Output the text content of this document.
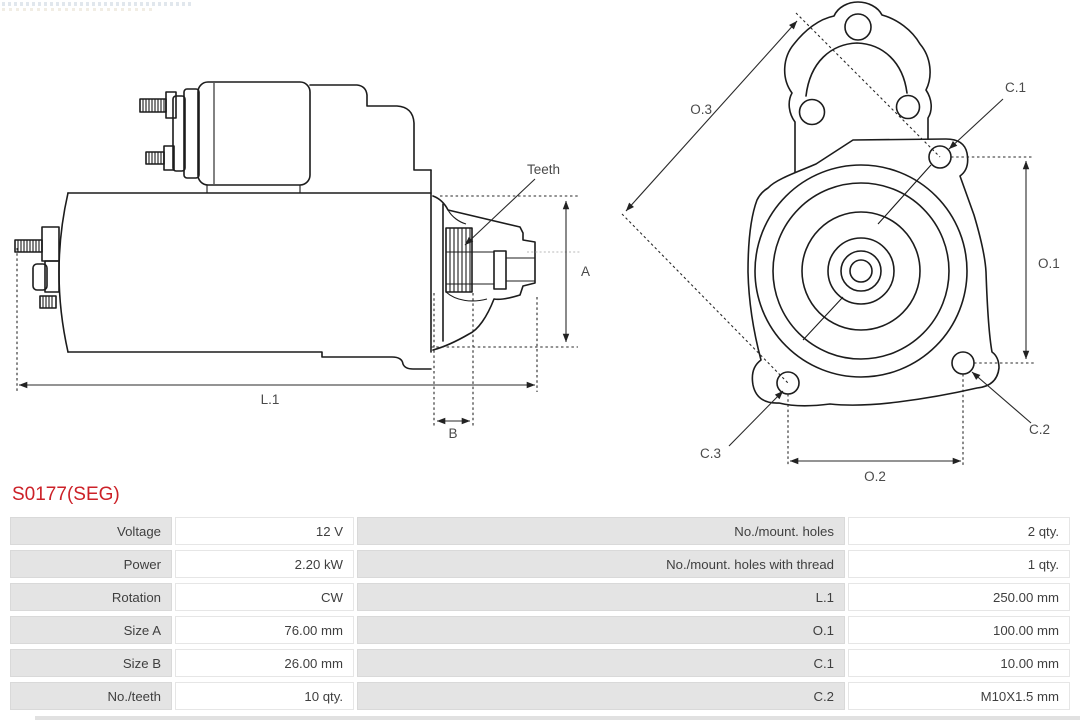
Teeth
A
L.1
B
O.3
C.1
O.1
C.2
C.3
O.2
S0177(SEG)
Voltage	12 V	No./mount. holes	2 qty.
Power	2.20 kW	No./mount. holes with thread	1 qty.
Rotation	CW	L.1	250.00 mm
Size A	76.00 mm	O.1	100.00 mm
Size B	26.00 mm	C.1	10.00 mm
No./teeth	10 qty.	C.2	M10X1.5 mm
